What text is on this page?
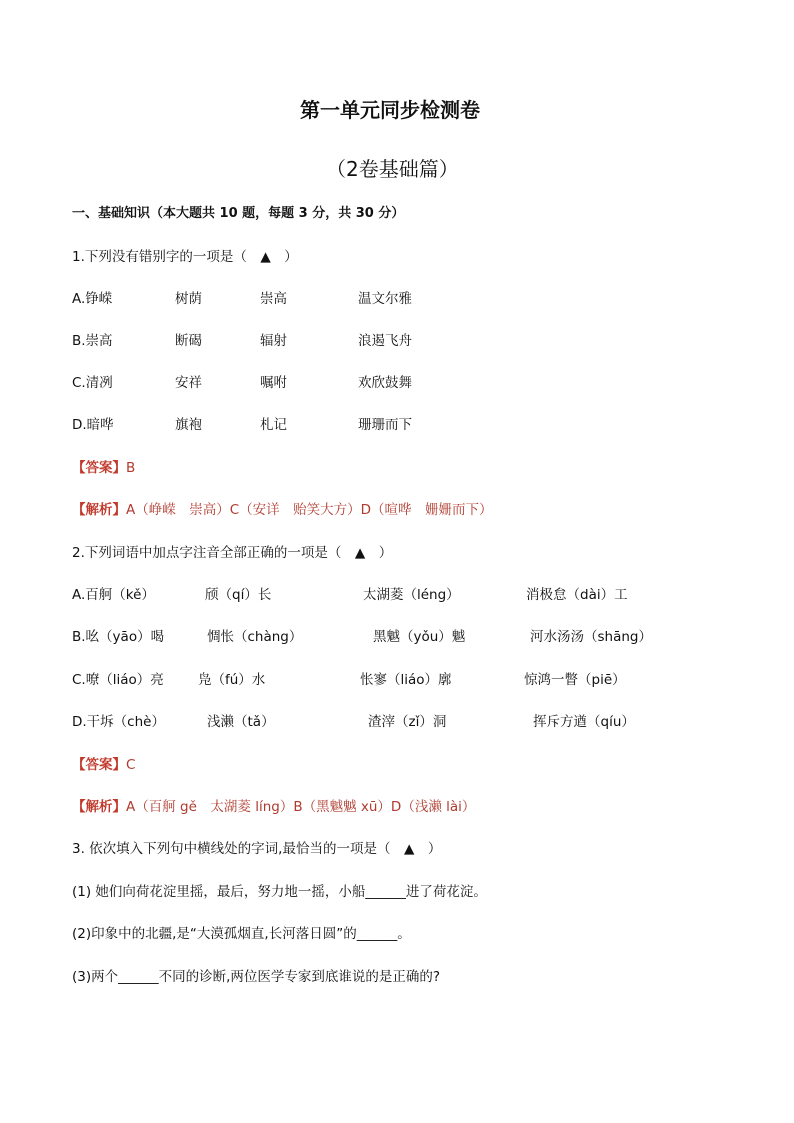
第一单元同步检测卷
（2卷基础篇）
一、基础知识（本大题共 10 题，每题 3 分，共 30 分）
1.下列没有错别字的一项是（　▲　）
A.铮嵘	树荫	崇高	温文尔雅
B.崇高	断碣	辐射	浪遏飞舟
C.清冽	安祥	嘱咐	欢欣鼓舞
D.暗哗	旗袍	札记	珊珊而下
【答案】B
【解析】A（峥嵘　崇高）C（安详　贻笑大方）D（喧哗　姗姗而下）
2.下列词语中加点字注音全部正确的一项是（　▲　）
A.百舸（kě）	颀（qí）长	太湖菱（léng）	消极怠（dài）工
B.吆（yāo）喝	惆怅（chàng）	黑魆（yǒu）魆	河水汤汤（shāng）
C.嘹（liáo）亮	凫（fú）水	怅寥（liáo）廓	惊鸿一瞥（piē）
D.干坼（chè）	浅濑（tǎ）	渣滓（zǐ）洞	挥斥方遒（qíu）
【答案】C
【解析】A（百舸 gě　太湖菱 líng）B（黑魆魆 xū）D（浅濑 lài）
3. 依次填入下列句中横线处的字词,最恰当的一项是（　▲　）
(1) 她们向荷花淀里摇，最后，努力地一摇，小船______进了荷花淀。
(2)印象中的北疆,是“大漠孤烟直,长河落日圆”的______。
(3)两个______不同的诊断,两位医学专家到底谁说的是正确的?
